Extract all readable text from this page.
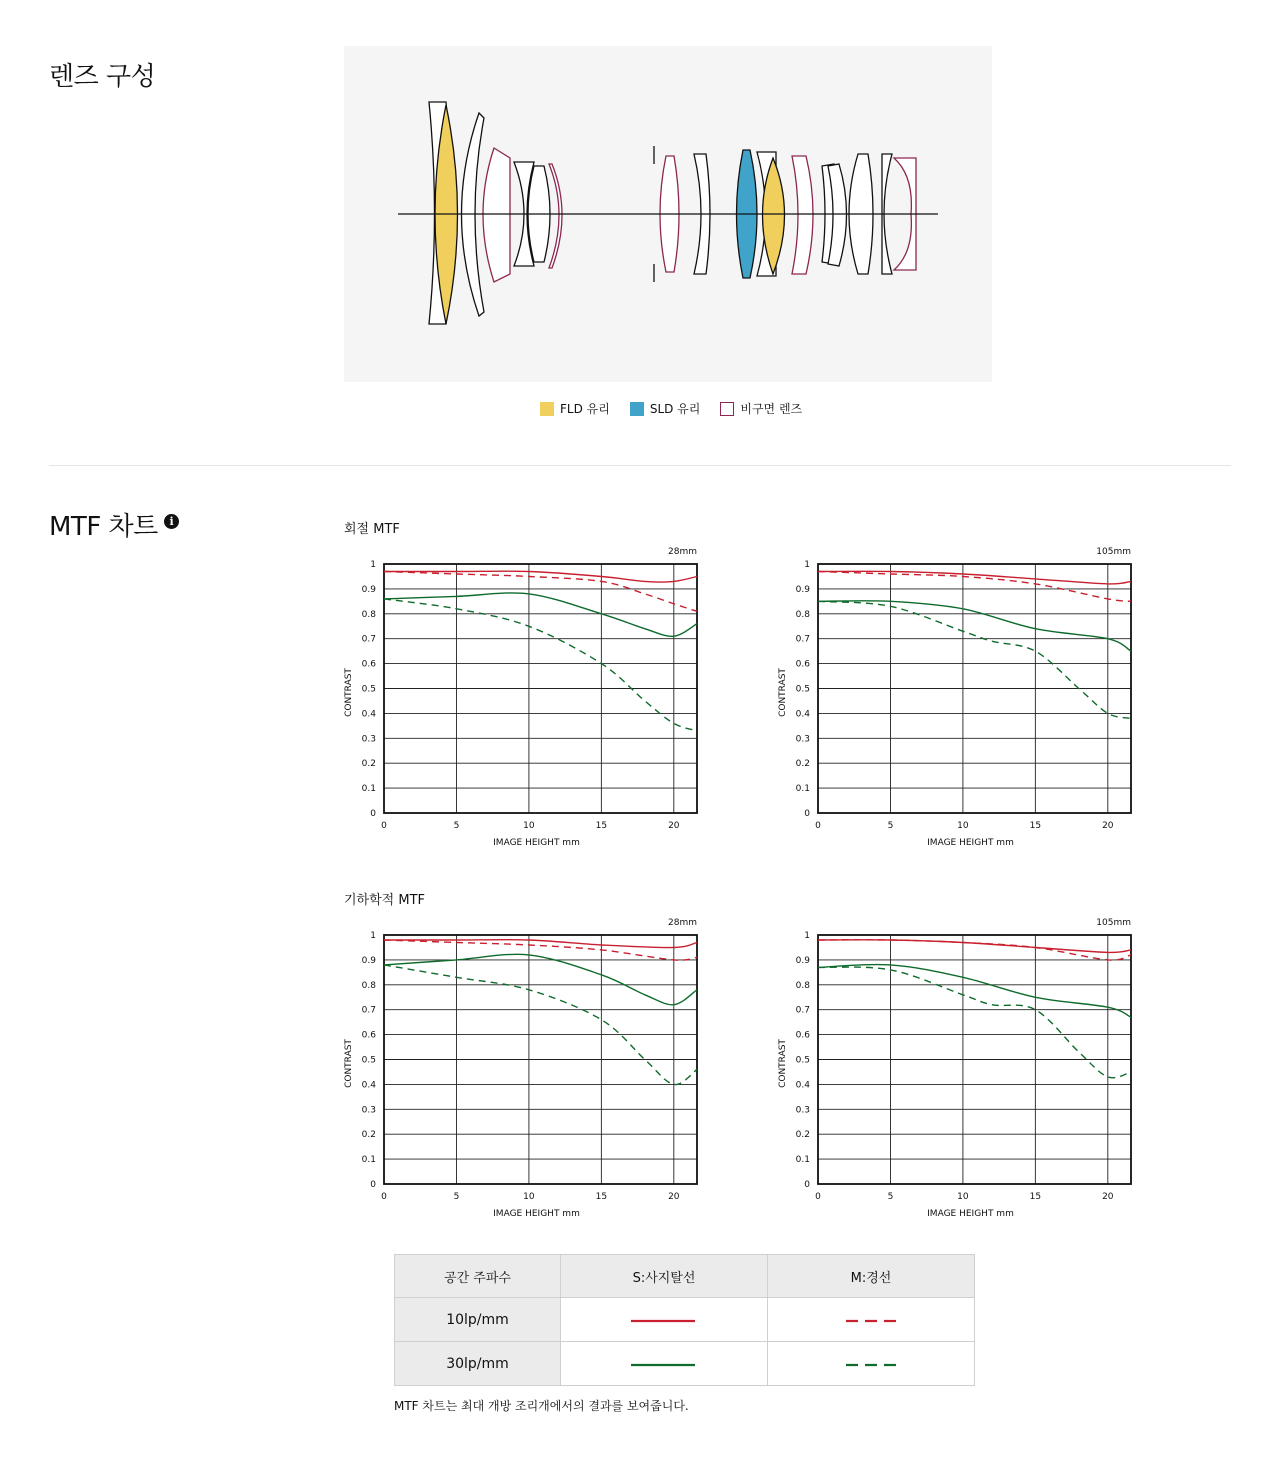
렌즈 구성
FLD 유리	SLD 유리	비구면 렌즈
MTF 차트	i
회절 MTF
기하학적 MTF
0
0.1
0.2
0.3
0.4
0.5
0.6
0.7
0.8
0.9
1
0	5	10	15	20
28mm
IMAGE HEIGHT mm
CONTRAST
0
0.1
0.2
0.3
0.4
0.5
0.6
0.7
0.8
0.9
1
0	5	10	15	20
105mm
IMAGE HEIGHT mm
CONTRAST
0
0.1
0.2
0.3
0.4
0.5
0.6
0.7
0.8
0.9
1
0	5	10	15	20
28mm
IMAGE HEIGHT mm
CONTRAST
0
0.1
0.2
0.3
0.4
0.5
0.6
0.7
0.8
0.9
1
0	5	10	15	20
105mm
IMAGE HEIGHT mm
CONTRAST
공간 주파수	S:사지탈선	M:경선
10lp/mm		
30lp/mm		
MTF 차트는 최대 개방 조리개에서의 결과를 보여줍니다.
